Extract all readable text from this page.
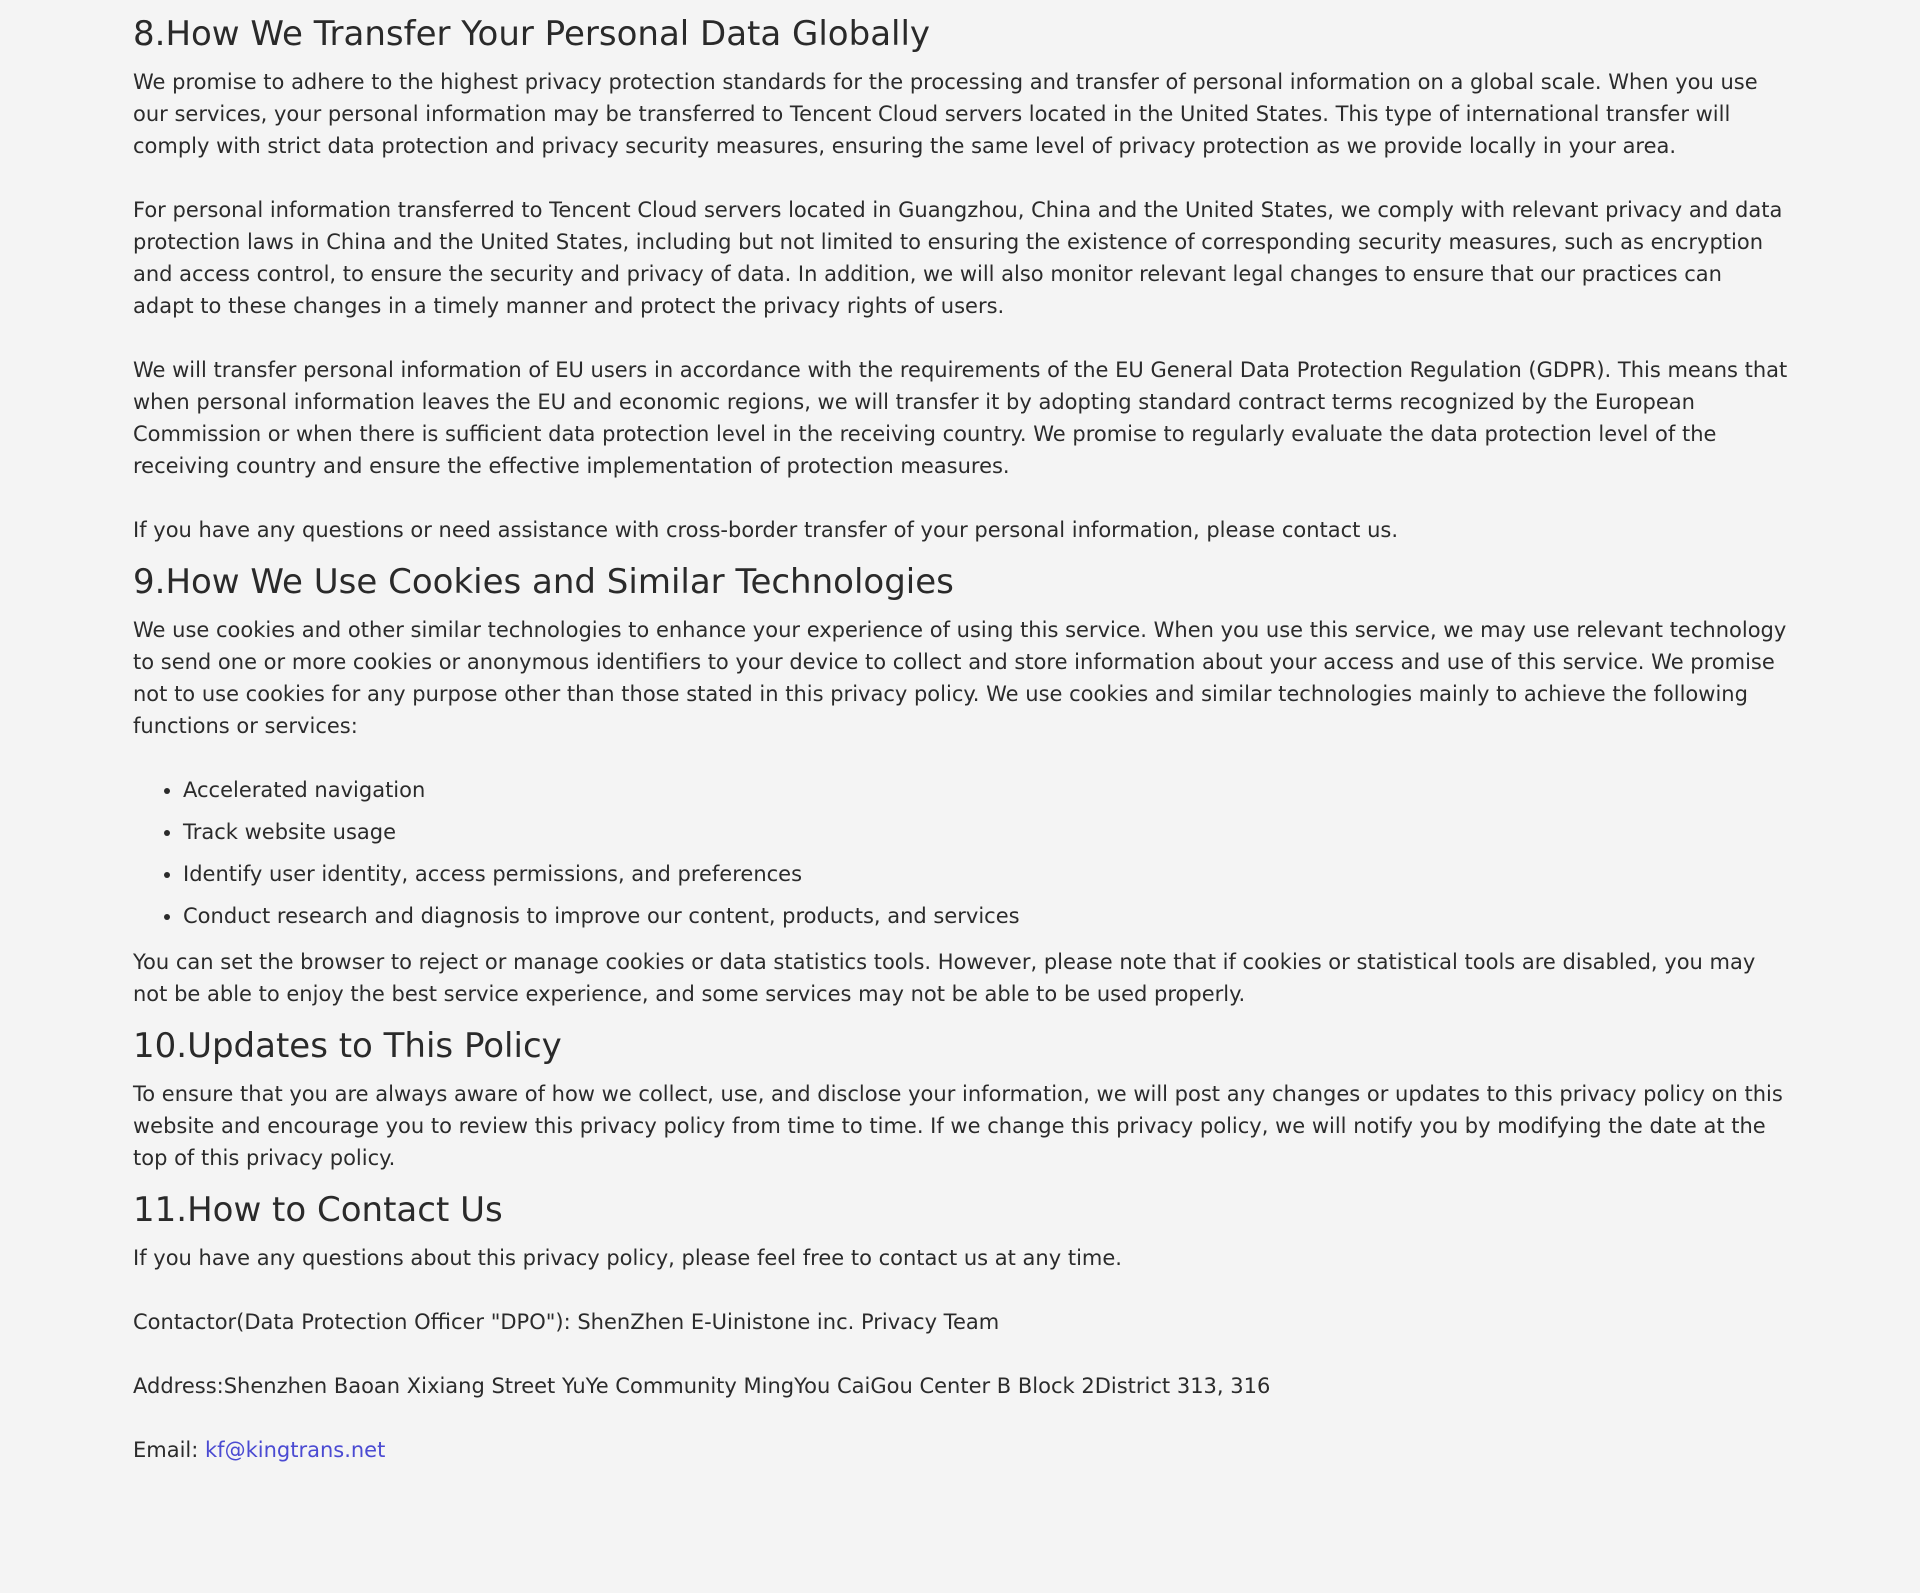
8.How We Transfer Your Personal Data Globally

We promise to adhere to the highest privacy protection standards for the processing and transfer of personal information on a global scale. When you use our services, your personal information may be transferred to Tencent Cloud servers located in the United States. This type of international transfer will comply with strict data protection and privacy security measures, ensuring the same level of privacy protection as we provide locally in your area.

For personal information transferred to Tencent Cloud servers located in Guangzhou, China and the United States, we comply with relevant privacy and data protection laws in China and the United States, including but not limited to ensuring the existence of corresponding security measures, such as encryption and access control, to ensure the security and privacy of data. In addition, we will also monitor relevant legal changes to ensure that our practices can adapt to these changes in a timely manner and protect the privacy rights of users.

We will transfer personal information of EU users in accordance with the requirements of the EU General Data Protection Regulation (GDPR). This means that when personal information leaves the EU and economic regions, we will transfer it by adopting standard contract terms recognized by the European Commission or when there is sufficient data protection level in the receiving country. We promise to regularly evaluate the data protection level of the receiving country and ensure the effective implementation of protection measures.

If you have any questions or need assistance with cross-border transfer of your personal information, please contact us.

9.How We Use Cookies and Similar Technologies

We use cookies and other similar technologies to enhance your experience of using this service. When you use this service, we may use relevant technology to send one or more cookies or anonymous identifiers to your device to collect and store information about your access and use of this service. We promise not to use cookies for any purpose other than those stated in this privacy policy. We use cookies and similar technologies mainly to achieve the following functions or services:

• Accelerated navigation
• Track website usage
• Identify user identity, access permissions, and preferences
• Conduct research and diagnosis to improve our content, products, and services

You can set the browser to reject or manage cookies or data statistics tools. However, please note that if cookies or statistical tools are disabled, you may not be able to enjoy the best service experience, and some services may not be able to be used properly.

10.Updates to This Policy

To ensure that you are always aware of how we collect, use, and disclose your information, we will post any changes or updates to this privacy policy on this website and encourage you to review this privacy policy from time to time. If we change this privacy policy, we will notify you by modifying the date at the top of this privacy policy.

11.How to Contact Us

If you have any questions about this privacy policy, please feel free to contact us at any time.

Contactor(Data Protection Officer "DPO"): ShenZhen E-Uinistone inc. Privacy Team

Address:Shenzhen Baoan Xixiang Street YuYe Community MingYou CaiGou Center B Block 2District 313, 316

Email: kf@kingtrans.net
